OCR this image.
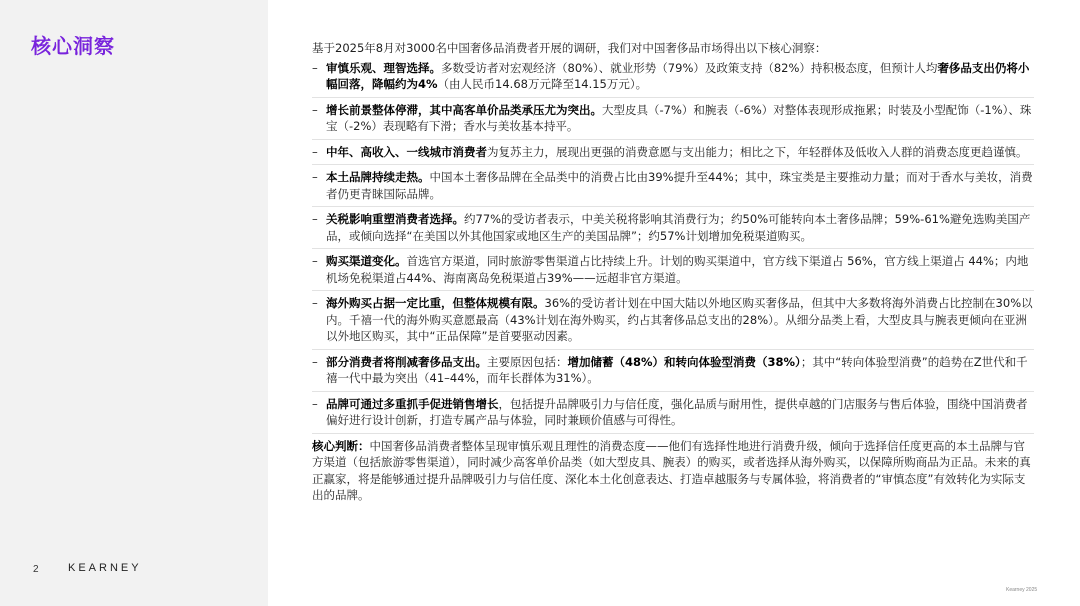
核心洞察
2	KEARNEY
Kearney 2025

基于2025年8月对3000名中国奢侈品消费者开展的调研，我们对中国奢侈品市场得出以下核心洞察：

– 审慎乐观、理智选择。多数受访者对宏观经济（80%）、就业形势（79%）及政策支持（82%）持积极态度，但预计人均奢侈品支出仍将小幅回落，降幅约为4%（由人民币14.68万元降至14.15万元）。
– 增长前景整体停滞，其中高客单价品类承压尤为突出。大型皮具（-7%）和腕表（-6%）对整体表现形成拖累；时装及小型配饰（-1%）、珠宝（-2%）表现略有下滑；香水与美妆基本持平。
– 中年、高收入、一线城市消费者为复苏主力，展现出更强的消费意愿与支出能力；相比之下，年轻群体及低收入人群的消费态度更趋谨慎。
– 本土品牌持续走热。中国本土奢侈品牌在全品类中的消费占比由39%提升至44%；其中，珠宝类是主要推动力量；而对于香水与美妆，消费者仍更青睐国际品牌。
– 关税影响重塑消费者选择。约77%的受访者表示，中美关税将影响其消费行为；约50%可能转向本土奢侈品牌；59%-61%避免选购美国产品，或倾向选择“在美国以外其他国家或地区生产的美国品牌”；约57%计划增加免税渠道购买。
– 购买渠道变化。首选官方渠道，同时旅游零售渠道占比持续上升。计划的购买渠道中，官方线下渠道占 56%，官方线上渠道占 44%；内地机场免税渠道占44%、海南离岛免税渠道占39%——远超非官方渠道。
– 海外购买占据一定比重，但整体规模有限。36%的受访者计划在中国大陆以外地区购买奢侈品，但其中大多数将海外消费占比控制在30%以内。千禧一代的海外购买意愿最高（43%计划在海外购买，约占其奢侈品总支出的28%）。从细分品类上看，大型皮具与腕表更倾向在亚洲以外地区购买，其中“正品保障”是首要驱动因素。
– 部分消费者将削减奢侈品支出。主要原因包括：增加储蓄（48%）和转向体验型消费（38%）；其中“转向体验型消费”的趋势在Z世代和千禧一代中最为突出（41–44%，而年长群体为31%）。
– 品牌可通过多重抓手促进销售增长，包括提升品牌吸引力与信任度，强化品质与耐用性，提供卓越的门店服务与售后体验，围绕中国消费者偏好进行设计创新，打造专属产品与体验，同时兼顾价值感与可得性。

核心判断：中国奢侈品消费者整体呈现审慎乐观且理性的消费态度——他们有选择性地进行消费升级，倾向于选择信任度更高的本土品牌与官方渠道（包括旅游零售渠道），同时减少高客单价品类（如大型皮具、腕表）的购买，或者选择从海外购买，以保障所购商品为正品。未来的真正赢家，将是能够通过提升品牌吸引力与信任度、深化本土化创意表达、打造卓越服务与专属体验，将消费者的“审慎态度”有效转化为实际支出的品牌。
